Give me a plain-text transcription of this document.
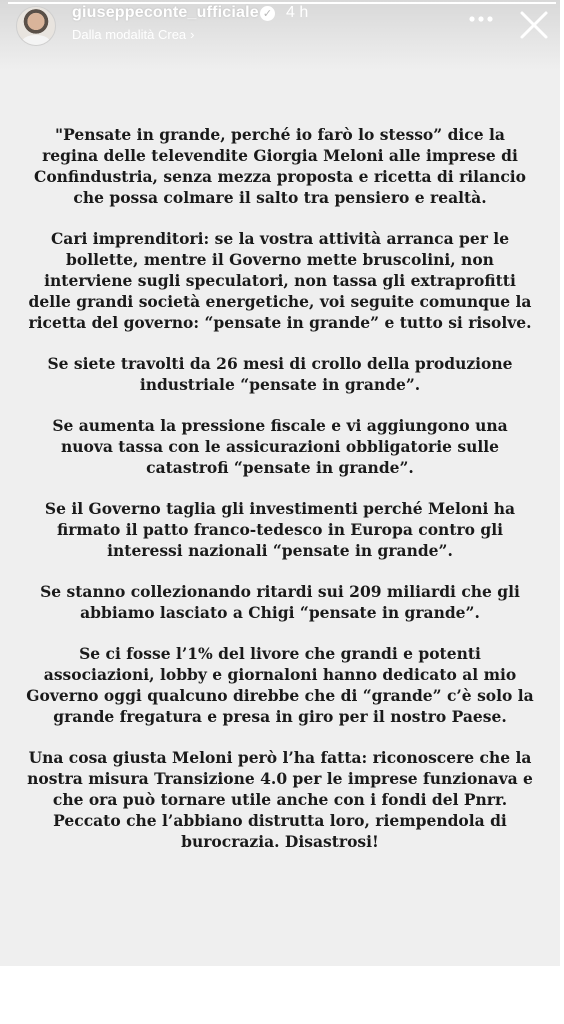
giuseppeconte_ufficiale ✓ 4 h
Dalla modalità Crea ›

"Pensate in grande, perché io farò lo stesso” dice la regina delle televendite Giorgia Meloni alle imprese di Confindustria, senza mezza proposta e ricetta di rilancio che possa colmare il salto tra pensiero e realtà.

Cari imprenditori: se la vostra attività arranca per le bollette, mentre il Governo mette bruscolini, non interviene sugli speculatori, non tassa gli extraprofitti delle grandi società energetiche, voi seguite comunque la ricetta del governo: “pensate in grande” e tutto si risolve.

Se siete travolti da 26 mesi di crollo della produzione industriale “pensate in grande”.

Se aumenta la pressione fiscale e vi aggiungono una nuova tassa con le assicurazioni obbligatorie sulle catastrofi “pensate in grande”.

Se il Governo taglia gli investimenti perché Meloni ha firmato il patto franco-tedesco in Europa contro gli interessi nazionali “pensate in grande”.

Se stanno collezionando ritardi sui 209 miliardi che gli abbiamo lasciato a Chigi “pensate in grande”.

Se ci fosse l’1% del livore che grandi e potenti associazioni, lobby e giornaloni hanno dedicato al mio Governo oggi qualcuno direbbe che di “grande” c’è solo la grande fregatura e presa in giro per il nostro Paese.

Una cosa giusta Meloni però l’ha fatta: riconoscere che la nostra misura Transizione 4.0 per le imprese funzionava e che ora può tornare utile anche con i fondi del Pnrr. Peccato che l’abbiano distrutta loro, riempendola di burocrazia. Disastrosi!
